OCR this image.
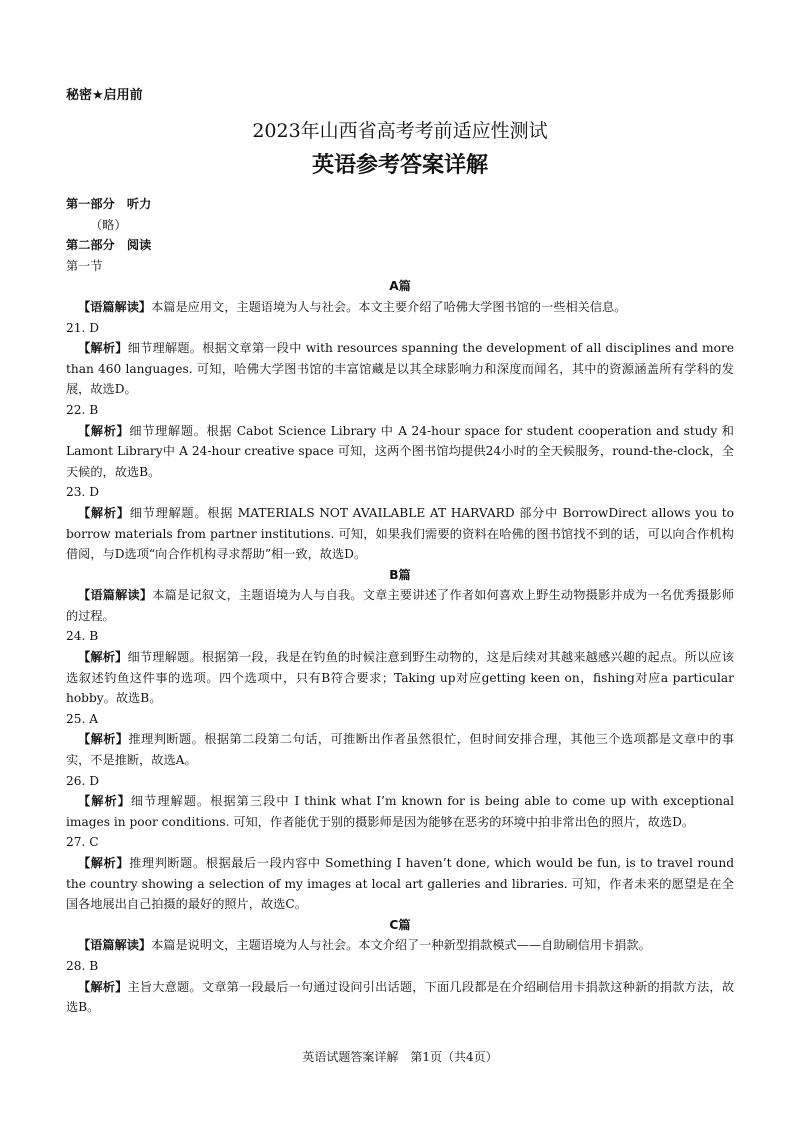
秘密★启用前
2023年山西省高考考前适应性测试
英语参考答案详解
第一部分　听力
（略）
第二部分　阅读
第一节
A篇
【语篇解读】本篇是应用文，主题语境为人与社会。本文主要介绍了哈佛大学图书馆的一些相关信息。
21. D
【解析】细节理解题。根据文章第一段中 with resources spanning the development of all disciplines and more than 460 languages. 可知，哈佛大学图书馆的丰富馆藏是以其全球影响力和深度而闻名，其中的资源涵盖所有学科的发展，故选D。
22. B
【解析】细节理解题。根据 Cabot Science Library 中 A 24-hour space for student cooperation and study 和 Lamont Library中 A 24-hour creative space 可知，这两个图书馆均提供24小时的全天候服务，round-the-clock，全天候的，故选B。
23. D
【解析】细节理解题。根据 MATERIALS NOT AVAILABLE AT HARVARD 部分中 BorrowDirect allows you to borrow materials from partner institutions. 可知，如果我们需要的资料在哈佛的图书馆找不到的话，可以向合作机构借阅，与D选项“向合作机构寻求帮助”相一致，故选D。
B篇
【语篇解读】本篇是记叙文，主题语境为人与自我。文章主要讲述了作者如何喜欢上野生动物摄影并成为一名优秀摄影师的过程。
24. B
【解析】细节理解题。根据第一段，我是在钓鱼的时候注意到野生动物的，这是后续对其越来越感兴趣的起点。所以应该选叙述钓鱼这件事的选项。四个选项中，只有B符合要求；Taking up对应getting keen on，fishing对应a particular hobby。故选B。
25. A
【解析】推理判断题。根据第二段第二句话，可推断出作者虽然很忙，但时间安排合理，其他三个选项都是文章中的事实，不是推断，故选A。
26. D
【解析】细节理解题。根据第三段中 I think what I’m known for is being able to come up with exceptional images in poor conditions. 可知，作者能优于别的摄影师是因为能够在恶劣的环境中拍非常出色的照片，故选D。
27. C
【解析】推理判断题。根据最后一段内容中 Something I haven’t done, which would be fun, is to travel round the country showing a selection of my images at local art galleries and libraries. 可知，作者未来的愿望是在全国各地展出自己拍摄的最好的照片，故选C。
C篇
【语篇解读】本篇是说明文，主题语境为人与社会。本文介绍了一种新型捐款模式——自助刷信用卡捐款。
28. B
【解析】主旨大意题。文章第一段最后一句通过设问引出话题，下面几段都是在介绍刷信用卡捐款这种新的捐款方法，故选B。
英语试题答案详解　第1页（共4页）
